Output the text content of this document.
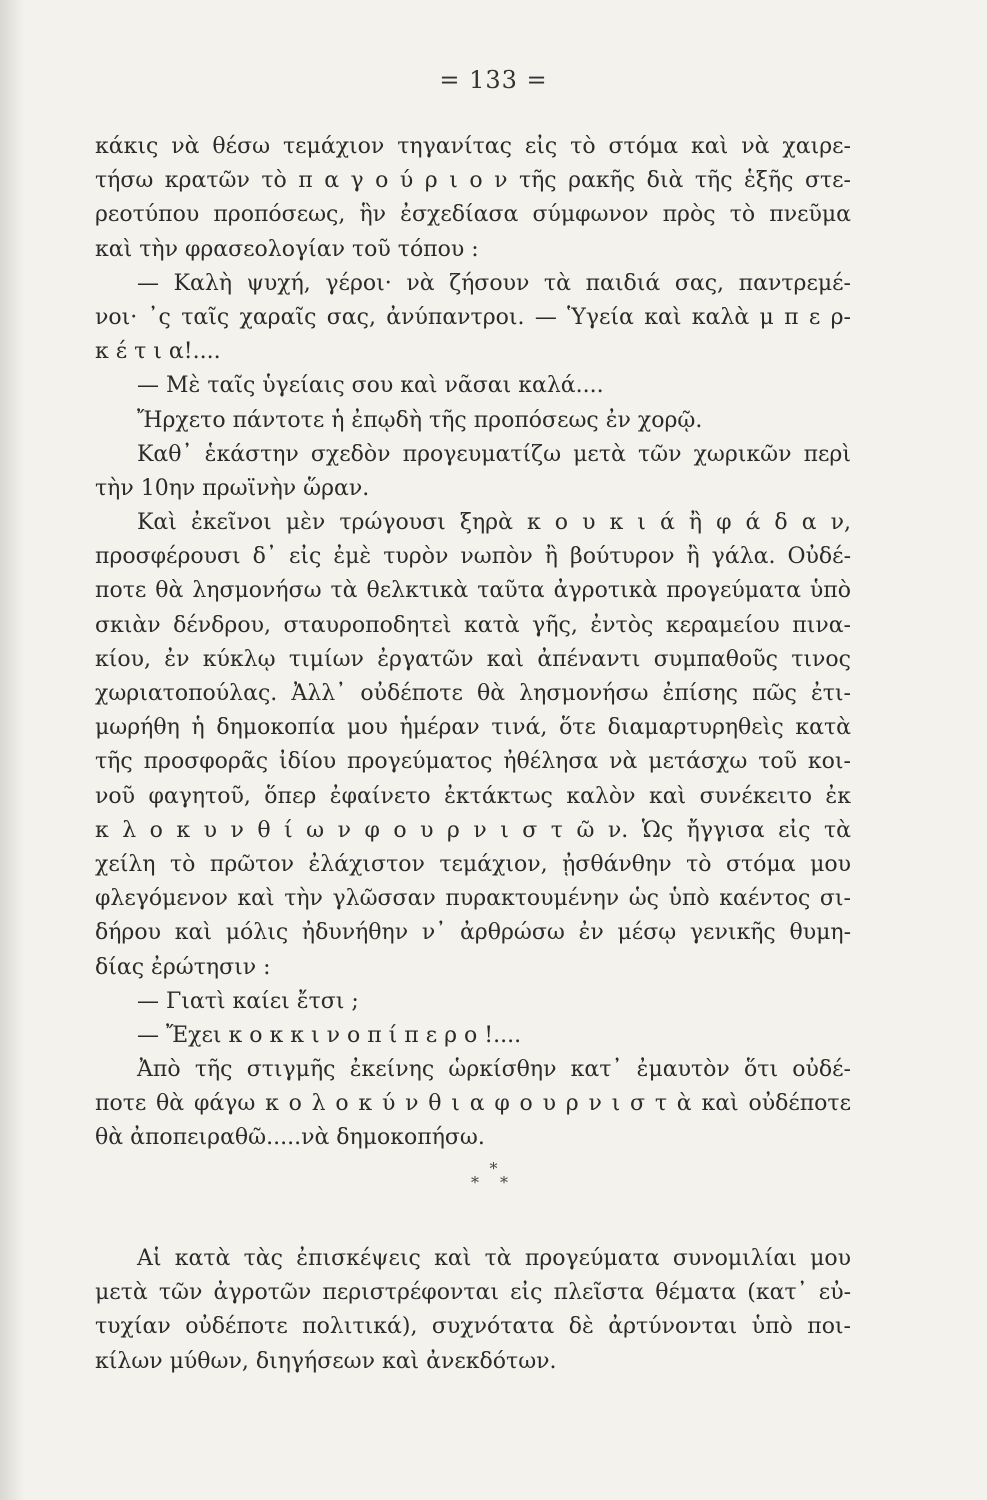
= 133 =
κάκις νὰ θέσω τεμάχιον τηγανίτας εἰς τὸ στόμα καὶ νὰ χαιρε-
τήσω κρατῶν τὸ π α γ ο ύ ρ ι ο ν τῆς ρακῆς διὰ τῆς ἑξῆς στε-
ρεοτύπου προπόσεως, ἣν ἐσχεδίασα σύμφωνον πρὸς τὸ πνεῦμα
καὶ τὴν φρασεολογίαν τοῦ τόπου :
— Καλὴ ψυχή, γέροι· νὰ ζήσουν τὰ παιδιά σας, παντρεμέ-
νοι· ᾿ς ταῖς χαραῖς σας, ἀνύπαντροι. — Ὑγεία καὶ καλὰ μ π ε ρ-
κ έ τ ι α!....
— Μὲ ταῖς ὑγείαις σου καὶ νᾶσαι καλά....
Ἤρχετο πάντοτε ἡ ἐπῳδὴ τῆς προπόσεως ἐν χορῷ.
Καθ᾿ ἑκάστην σχεδὸν προγευματίζω μετὰ τῶν χωρικῶν περὶ
τὴν 10ην πρωϊνὴν ὥραν.
Καὶ ἐκεῖνοι μὲν τρώγουσι ξηρὰ κ ο υ κ ι ά ἢ φ ά δ α ν,
προσφέρουσι δ᾿ εἰς ἐμὲ τυρὸν νωπὸν ἢ βούτυρον ἢ γάλα. Οὐδέ-
ποτε θὰ λησμονήσω τὰ θελκτικὰ ταῦτα ἀγροτικὰ προγεύματα ὑπὸ
σκιὰν δένδρου, σταυροποδητεὶ κατὰ γῆς, ἐντὸς κεραμείου πινα-
κίου, ἐν κύκλῳ τιμίων ἐργατῶν καὶ ἀπέναντι συμπαθοῦς τινος
χωριατοπούλας. Ἀλλ᾿ οὐδέποτε θὰ λησμονήσω ἐπίσης πῶς ἐτι-
μωρήθη ἡ δημοκοπία μου ἡμέραν τινά, ὅτε διαμαρτυρηθεὶς κατὰ
τῆς προσφορᾶς ἰδίου προγεύματος ἠθέλησα νὰ μετάσχω τοῦ κοι-
νοῦ φαγητοῦ, ὅπερ ἐφαίνετο ἐκτάκτως καλὸν καὶ συνέκειτο ἐκ
κ λ ο κ υ ν θ ί ω ν φ ο υ ρ ν ι σ τ ῶ ν. Ὡς ἤγγισα εἰς τὰ
χείλη τὸ πρῶτον ἐλάχιστον τεμάχιον, ᾐσθάνθην τὸ στόμα μου
φλεγόμενον καὶ τὴν γλῶσσαν πυρακτουμένην ὡς ὑπὸ καέντος σι-
δήρου καὶ μόλις ἠδυνήθην ν᾿ ἀρθρώσω ἐν μέσῳ γενικῆς θυμη-
δίας ἐρώτησιν :
— Γιατὶ καίει ἔτσι ;
— Ἔχει κ ο κ κ ι ν ο π ί π ε ρ ο !....
Ἀπὸ τῆς στιγμῆς ἐκείνης ὡρκίσθην κατ᾿ ἐμαυτὸν ὅτι οὐδέ-
ποτε θὰ φάγω κ ο λ ο κ ύ ν θ ι α φ ο υ ρ ν ι σ τ ὰ καὶ οὐδέποτε
θὰ ἀποπειραθῶ.....νὰ δημοκοπήσω.
*
* *
Αἱ κατὰ τὰς ἐπισκέψεις καὶ τὰ προγεύματα συνομιλίαι μου
μετὰ τῶν ἀγροτῶν περιστρέφονται εἰς πλεῖστα θέματα (κατ᾿ εὐ-
τυχίαν οὐδέποτε πολιτικά), συχνότατα δὲ ἀρτύνονται ὑπὸ ποι-
κίλων μύθων, διηγήσεων καὶ ἀνεκδότων.
